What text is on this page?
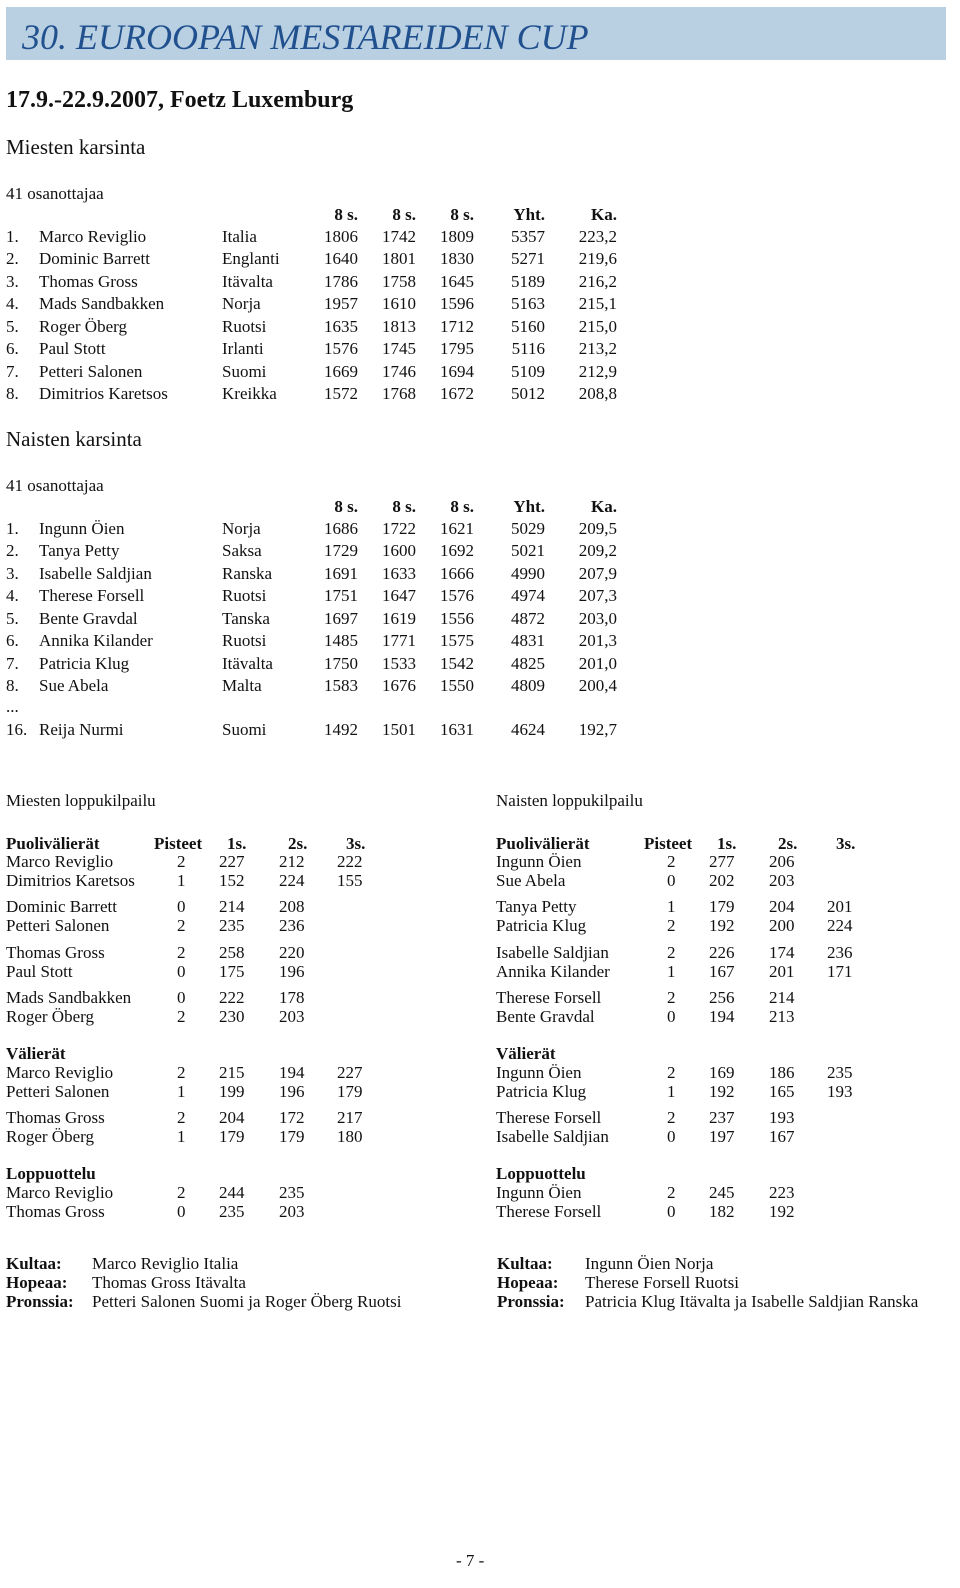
30. EUROOPAN MESTAREIDEN CUP
17.9.-22.9.2007, Foetz Luxemburg
Miesten karsinta
41 osanottajaa
8 s.	8 s.	8 s.	Yht.	Ka.
1. Marco Reviglio	Italia	1806	1742	1809	5357	223,2
2. Dominic Barrett	Englanti	1640	1801	1830	5271	219,6
3. Thomas Gross	Itävalta	1786	1758	1645	5189	216,2
4. Mads Sandbakken	Norja	1957	1610	1596	5163	215,1
5. Roger Öberg	Ruotsi	1635	1813	1712	5160	215,0
6. Paul Stott	Irlanti	1576	1745	1795	5116	213,2
7. Petteri Salonen	Suomi	1669	1746	1694	5109	212,9
8. Dimitrios Karetsos	Kreikka	1572	1768	1672	5012	208,8
Naisten karsinta
41 osanottajaa
8 s.	8 s.	8 s.	Yht.	Ka.
1. Ingunn Öien	Norja	1686	1722	1621	5029	209,5
2. Tanya Petty	Saksa	1729	1600	1692	5021	209,2
3. Isabelle Saldjian	Ranska	1691	1633	1666	4990	207,9
4. Therese Forsell	Ruotsi	1751	1647	1576	4974	207,3
5. Bente Gravdal	Tanska	1697	1619	1556	4872	203,0
6. Annika Kilander	Ruotsi	1485	1771	1575	4831	201,3
7. Patricia Klug	Itävalta	1750	1533	1542	4825	201,0
8. Sue Abela	Malta	1583	1676	1550	4809	200,4
...
16. Reija Nurmi	Suomi	1492	1501	1631	4624	192,7
Miesten loppukilpailu
Puolivälierät	Pisteet 1s. 2s. 3s.
Marco Reviglio	2 227 212 222
Dimitrios Karetsos 1 152 224 155
Dominic Barrett	0 214 208
Petteri Salonen	2 235 236
Thomas Gross	2 258 220
Paul Stott	0 175 196
Mads Sandbakken	0 222 178
Roger Öberg	2 230 203
Välierät
Marco Reviglio	2 215 194 227
Petteri Salonen	1 199 196 179
Thomas Gross	2 204 172 217
Roger Öberg	1 179 179 180
Loppuottelu
Marco Reviglio	2 244 235
Thomas Gross	0 235 203
Naisten loppukilpailu
Puolivälierät	Pisteet 1s. 2s. 3s.
Ingunn Öien	2 277 206
Sue Abela	0 202 203
Tanya Petty	1 179 204 201
Patricia Klug	2 192 200 224
Isabelle Saldjian	2 226 174 236
Annika Kilander	1 167 201 171
Therese Forsell	2 256 214
Bente Gravdal	0 194 213
Välierät
Ingunn Öien	2 169 186 235
Patricia Klug	1 192 165 193
Therese Forsell	2 237 193
Isabelle Saldjian	0 197 167
Loppuottelu
Ingunn Öien	2 245 223
Therese Forsell	0 182 192
Kultaa: Marco Reviglio Italia
Hopeaa: Thomas Gross Itävalta
Pronssia: Petteri Salonen Suomi ja Roger Öberg Ruotsi
Kultaa: Ingunn Öien Norja
Hopeaa: Therese Forsell Ruotsi
Pronssia: Patricia Klug Itävalta ja Isabelle Saldjian Ranska
- 7 -
